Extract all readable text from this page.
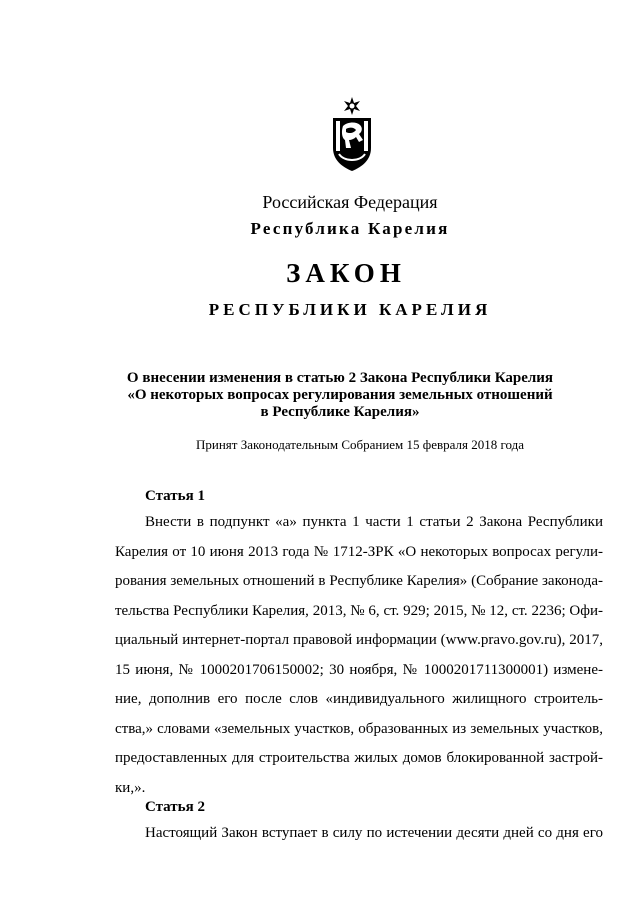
Российская Федерация
Республика Карелия
ЗАКОН
РЕСПУБЛИКИ КАРЕЛИЯ
О внесении изменения в статью 2 Закона Республики Карелия
«О некоторых вопросах регулирования земельных отношений
в Республике Карелия»
Принят Законодательным Собранием 15 февраля 2018 года
Статья 1
Внести в подпункт «а» пункта 1 части 1 статьи 2 Закона Республики
Карелия от 10 июня 2013 года № 1712-ЗРК «О некоторых вопросах регули-
рования земельных отношений в Республике Карелия» (Собрание законода-
тельства Республики Карелия, 2013, № 6, ст. 929; 2015, № 12, ст. 2236; Офи-
циальный интернет-портал правовой информации (www.pravo.gov.ru), 2017,
15 июня, № 1000201706150002; 30 ноября, № 1000201711300001) измене-
ние, дополнив его после слов «индивидуального жилищного строитель-
ства,» словами «земельных участков, образованных из земельных участков,
предоставленных для строительства жилых домов блокированной застрой-
ки,».
Статья 2
Настоящий Закон вступает в силу по истечении десяти дней со дня его
